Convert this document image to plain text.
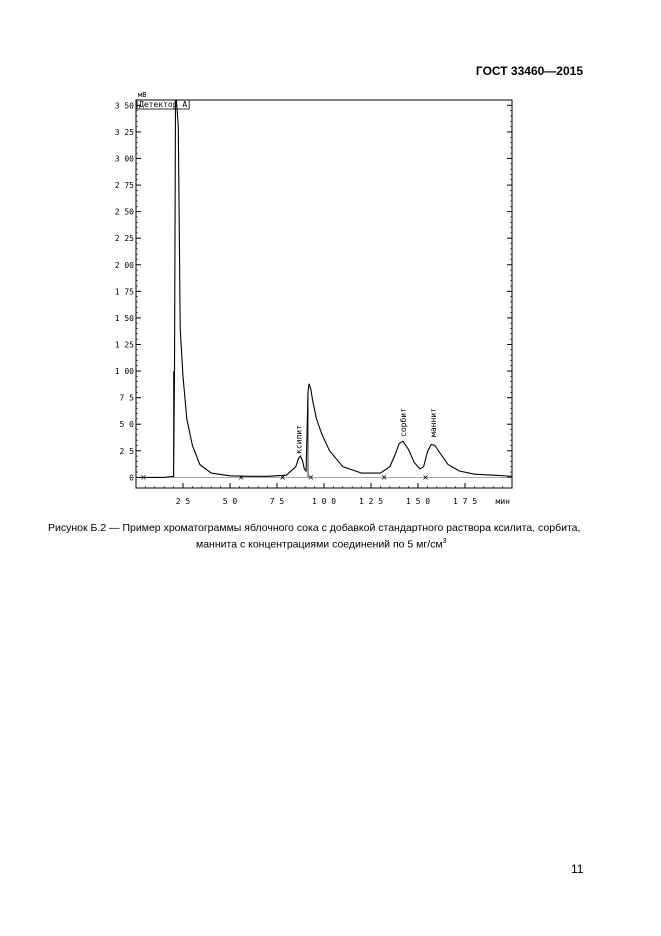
ГОСТ 33460—2015
0
2 5
5 0
7 5
1 00
1 25
1 50
1 75
2 00
2 25
2 50
2 75
3 00
3 25
3 50
2 5	5 0	7 5	1 0 0	1 2 5	1 5 0	1 7 5
мВ
мин
Детектор А
ксилит
сорбит	маннит
Рисунок Б.2 — Пример хроматограммы яблочного сока с добавкой стандартного раствора ксилита, сорбита,
маннита с концентрациями соединений по 5 $мг/см^3$
11
